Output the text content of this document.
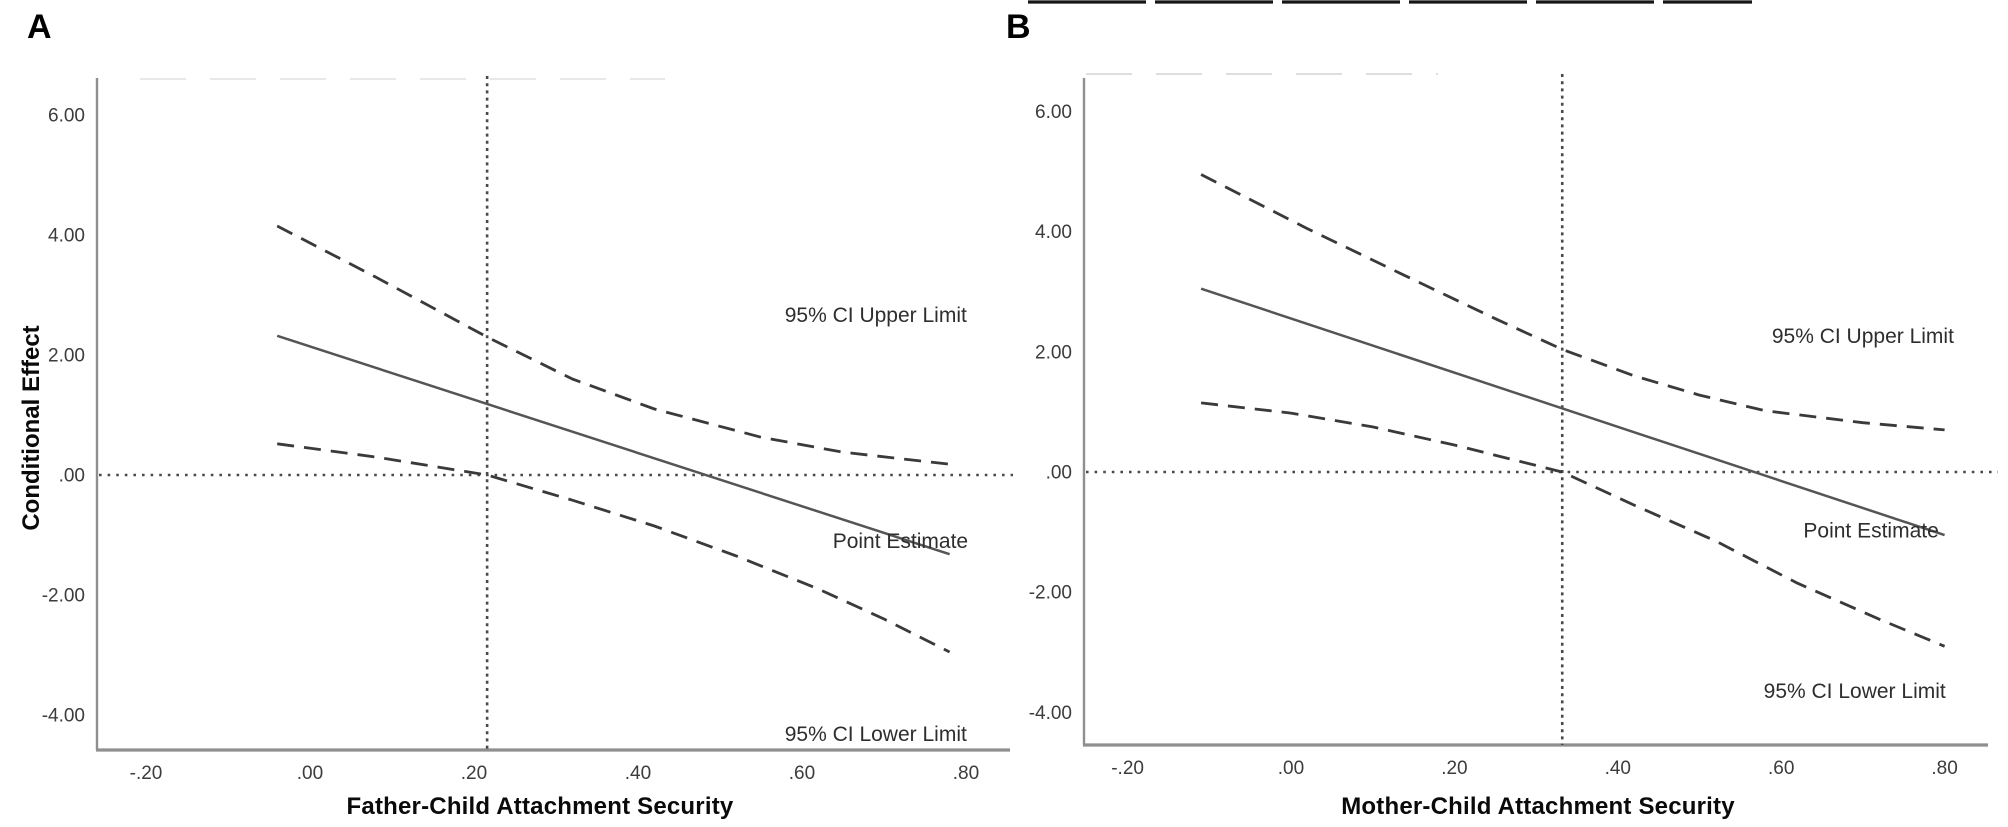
-.20	.00	.20	.40	.60	.80
6.00
4.00
2.00
.00
-2.00
-4.00
95% CI Upper Limit
Point Estimate
95% CI Lower Limit
-.20	.00	.20	.40	.60	.80
6.00
4.00
2.00
.00
-2.00
-4.00
95% CI Upper Limit
Point Estimate
95% CI Lower Limit
A	B
Father-Child Attachment Security	Mother-Child Attachment Security
Conditional Effect
